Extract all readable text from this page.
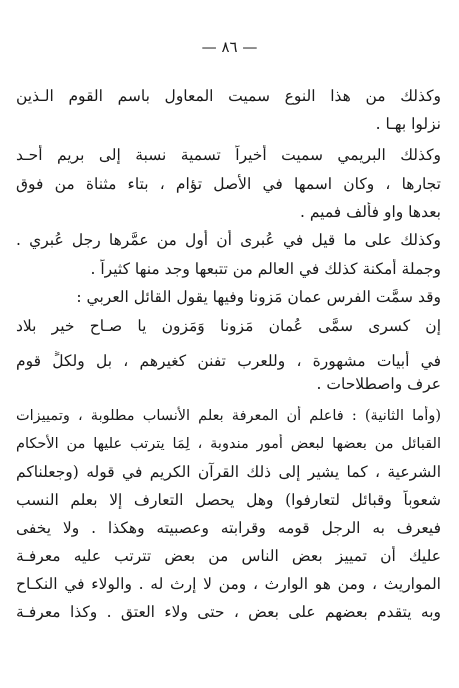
— ٨٦ —
وكذلك من هذا النوع سميت المعاول باسم القوم الـذين
نزلوا بهـا .
وكذلك البريمي سميت أخيراً تسمية نسبة إلى بريم أحـد
تجارها ، وكان اسمها في الأصل تؤام ، بتاء مثناة من فوق
بعدها واو فألف فميم .
وكذلك على ما قيل في عُبرى أن أول من عمَّرها رجل عُبري .
وجملة أمكنة كذلك في العالم من تتبعها وجد منها كثيراً .
وقد سمَّت الفرس عمان مَزونا وفيها يقول القائل العربي :
إن كسرى سمَّى عُمان مَزونا وَمَزون يا صـاح خير بلاد
في أبيات مشهورة ، وللعرب تفنن كغيرهم ، بل ولكلٍّ قوم
عرف واصطلاحات .
(وأما الثانية) : فاعلم أن المعرفة بعلم الأنساب مطلوبة ، وتمييزات
القبائل من بعضها لبعض أمور مندوبة ، لِمَا يترتب عليها من الأحكام
الشرعية ، كما يشير إلى ذلك القرآن الكريم في قوله (وجعلناكم
شعوباً وقبائل لتعارفوا) وهل يحصل التعارف إلا بعلم النسب
فيعرف به الرجل قومه وقرابته وعصبيته وهكذا . ولا يخفى
عليك أن تمييز بعض الناس من بعض تترتب عليه معرفـة
المواريث ، ومن هو الوارث ، ومن لا إرث له . والولاء في النكـاح
وبه يتقدم بعضهم على بعض ، حتى ولاء العتق . وكذا معرفـة
